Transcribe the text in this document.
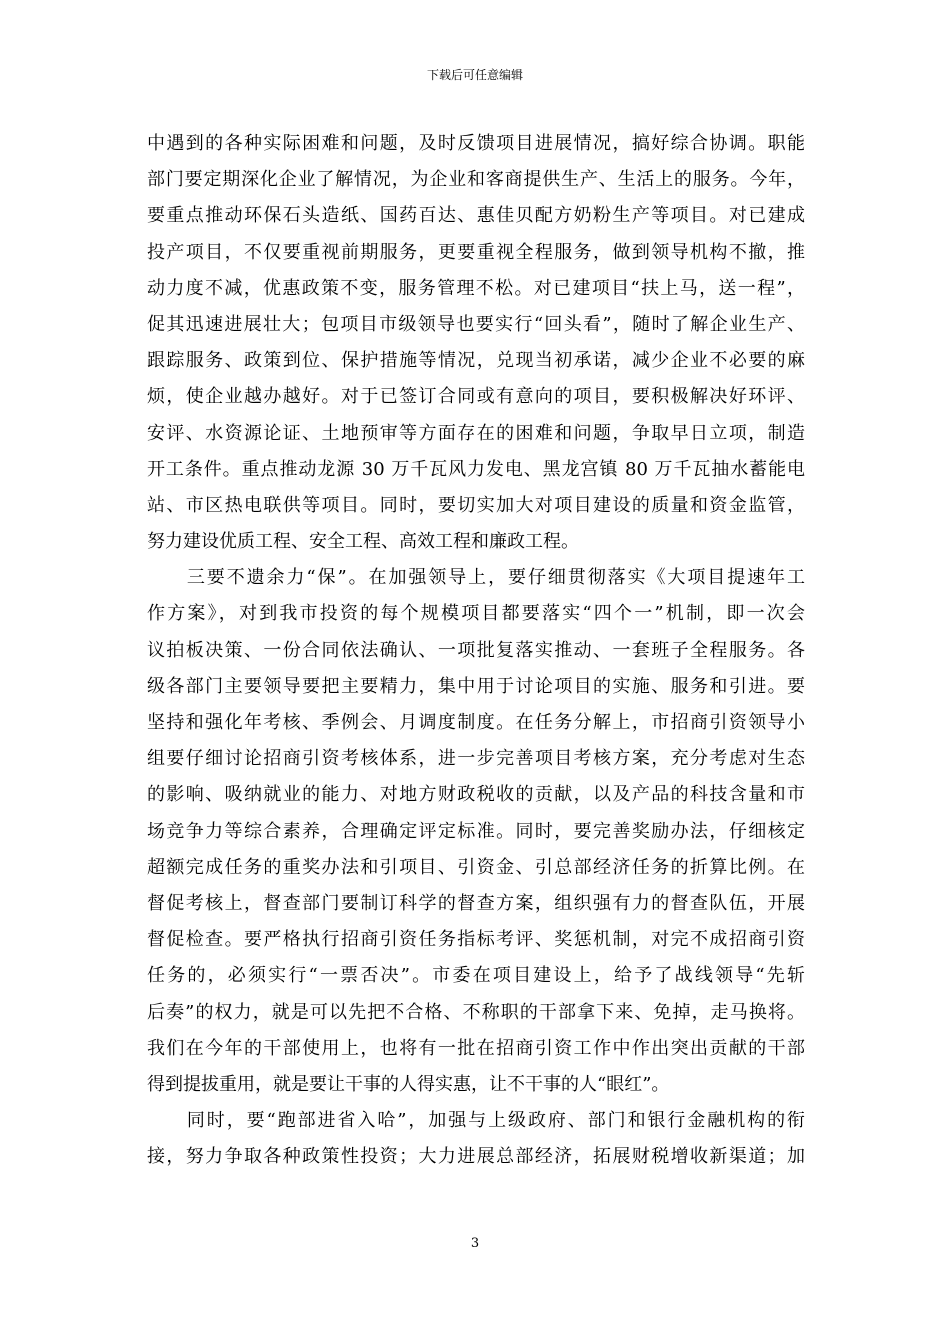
下载后可任意编辑
中遇到的各种实际困难和问题，及时反馈项目进展情况，搞好综合协调。职能
部门要定期深化企业了解情况，为企业和客商提供生产、生活上的服务。今年，
要重点推动环保石头造纸、国药百达、惠佳贝配方奶粉生产等项目。对已建成
投产项目，不仅要重视前期服务，更要重视全程服务，做到领导机构不撤，推
动力度不减，优惠政策不变，服务管理不松。对已建项目“扶上马，送一程”，
促其迅速进展壮大；包项目市级领导也要实行“回头看”，随时了解企业生产、
跟踪服务、政策到位、保护措施等情况，兑现当初承诺，减少企业不必要的麻
烦，使企业越办越好。对于已签订合同或有意向的项目，要积极解决好环评、
安评、水资源论证、土地预审等方面存在的困难和问题，争取早日立项，制造
开工条件。重点推动龙源 30 万千瓦风力发电、黑龙宫镇 80 万千瓦抽水蓄能电
站、市区热电联供等项目。同时，要切实加大对项目建设的质量和资金监管，
努力建设优质工程、安全工程、高效工程和廉政工程。
　　三要不遗余力“保”。在加强领导上，要仔细贯彻落实《大项目提速年工
作方案》，对到我市投资的每个规模项目都要落实“四个一”机制，即一次会
议拍板决策、一份合同依法确认、一项批复落实推动、一套班子全程服务。各
级各部门主要领导要把主要精力，集中用于讨论项目的实施、服务和引进。要
坚持和强化年考核、季例会、月调度制度。在任务分解上，市招商引资领导小
组要仔细讨论招商引资考核体系，进一步完善项目考核方案，充分考虑对生态
的影响、吸纳就业的能力、对地方财政税收的贡献，以及产品的科技含量和市
场竞争力等综合素养，合理确定评定标准。同时，要完善奖励办法，仔细核定
超额完成任务的重奖办法和引项目、引资金、引总部经济任务的折算比例。在
督促考核上，督查部门要制订科学的督查方案，组织强有力的督查队伍，开展
督促检查。要严格执行招商引资任务指标考评、奖惩机制，对完不成招商引资
任务的，必须实行“一票否决”。市委在项目建设上，给予了战线领导“先斩
后奏”的权力，就是可以先把不合格、不称职的干部拿下来、免掉，走马换将。
我们在今年的干部使用上，也将有一批在招商引资工作中作出突出贡献的干部
得到提拔重用，就是要让干事的人得实惠，让不干事的人“眼红”。
　　同时，要“跑部进省入哈”，加强与上级政府、部门和银行金融机构的衔
接，努力争取各种政策性投资；大力进展总部经济，拓展财税增收新渠道；加
3
